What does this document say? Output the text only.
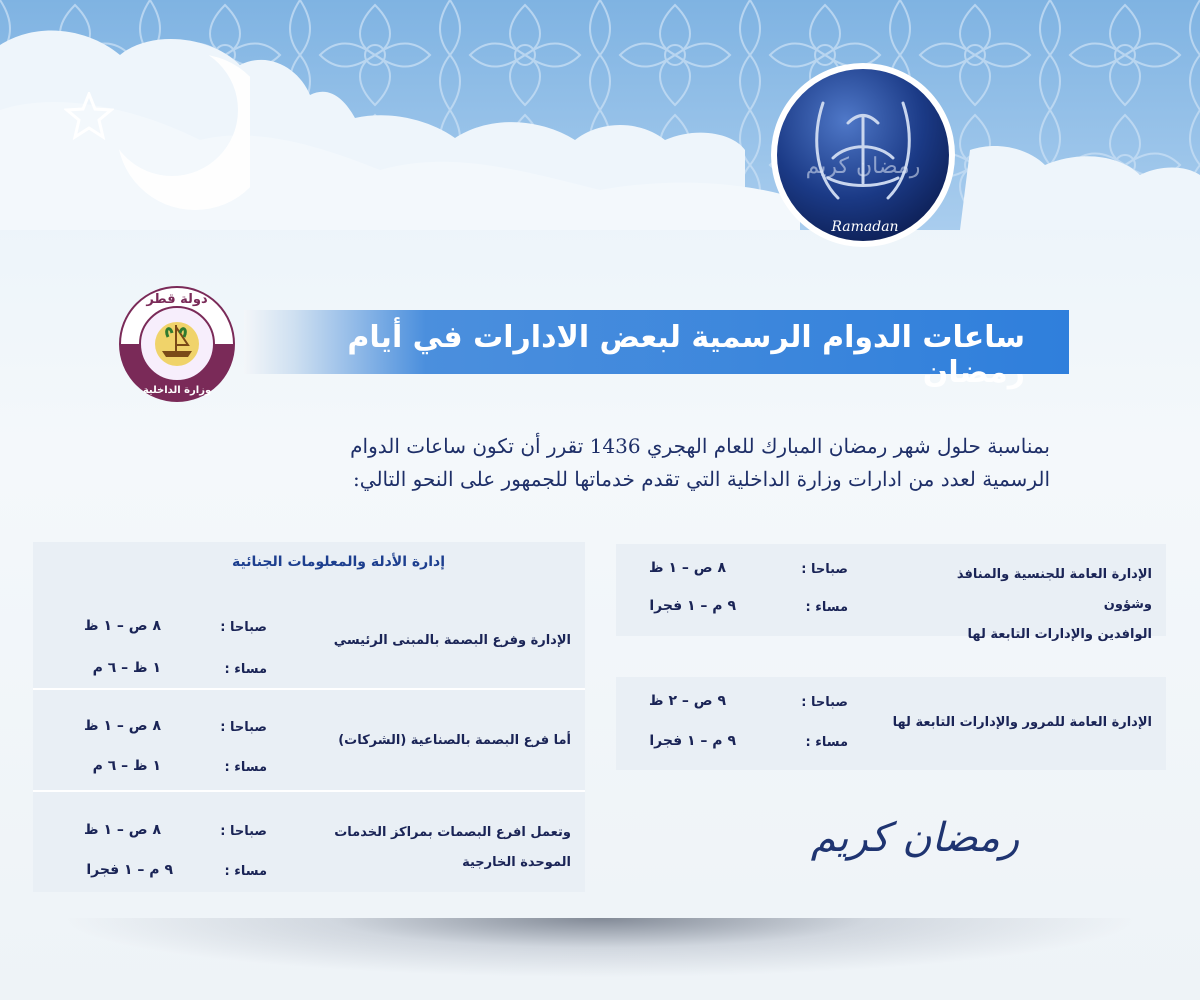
رمضان كريم
Ramadan
دولة قطر
وزارة الداخلية
ساعات الدوام الرسمية لبعض الادارات في أيام رمضان
بمناسبة حلول شهر رمضان المبارك للعام الهجري 1436 تقرر أن تكون ساعات الدوام
الرسمية لعدد من ادارات وزارة الداخلية التي تقدم خدماتها للجمهور على النحو التالي:
الإدارة العامة للجنسية والمنافذ وشؤون
الوافدين والإدارات التابعة لها
صباحا :
٨ ص – ١ ظ
مساء :
٩ م – ١ فجرا
الإدارة العامة للمرور والإدارات التابعة لها
صباحا :
٩ ص – ٢ ظ
مساء :
٩ م – ١ فجرا
إدارة الأدلة والمعلومات الجنائية
الإدارة وفرع البصمة بالمبنى الرئيسي
صباحا :
٨ ص – ١ ظ
مساء :
١ ظ – ٦ م
أما فرع البصمة بالصناعية (الشركات)
صباحا :
٨ ص – ١ ظ
مساء :
١ ظ – ٦ م
وتعمل افرع البصمات بمراكز الخدمات
الموحدة الخارجية
صباحا :
٨ ص – ١ ظ
مساء :
٩ م – ١ فجرا
رمضان كريم
